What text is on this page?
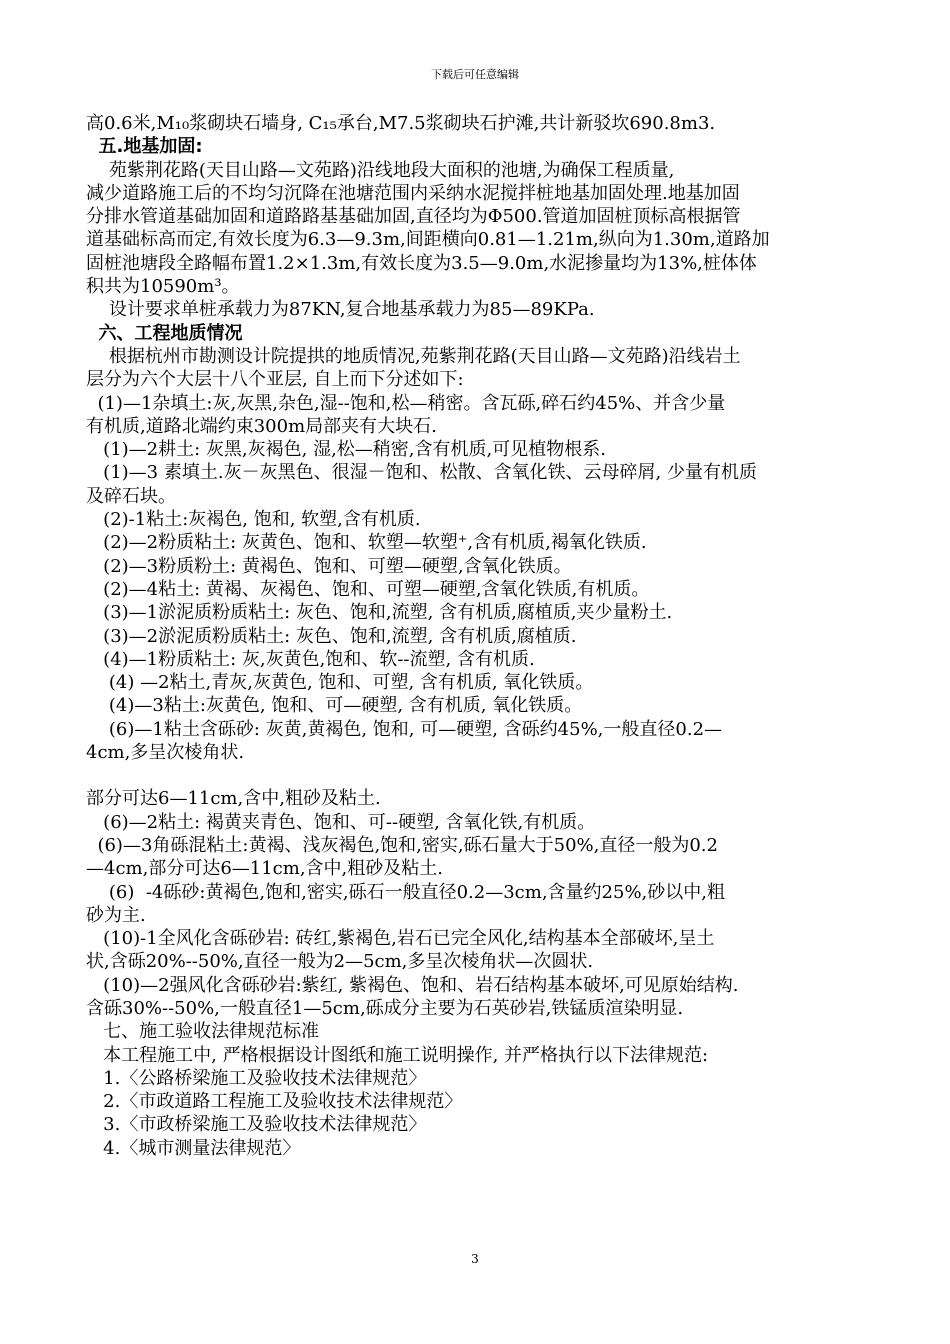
下载后可任意编辑

高0.6米,M₁₀浆砌块石墙身, C₁₅承台,M7.5浆砌块石护滩,共计新驳坎690.8m3.

五.地基加固:

苑紫荆花路(天目山路—文苑路)沿线地段大面积的池塘,为确保工程质量,

减少道路施工后的不均匀沉降在池塘范围内采纳水泥搅拌桩地基加固处理.地基加固

分排水管道基础加固和道路路基基础加固,直径均为Φ500.管道加固桩顶标高根据管

道基础标高而定,有效长度为6.3—9.3m,间距横向0.81—1.21m,纵向为1.30m,道路加

固桩池塘段全路幅布置1.2×1.3m,有效长度为3.5—9.0m,水泥掺量均为13%,桩体体

积共为10590m³。

设计要求单桩承载力为87KN,复合地基承载力为85—89KPa.

六、工程地质情况

根据杭州市勘测设计院提拱的地质情况,苑紫荆花路(天目山路—文苑路)沿线岩土

层分为六个大层十八个亚层, 自上而下分述如下:

(1)—1杂填土:灰,灰黑,杂色,湿--饱和,松—稍密。含瓦砾,碎石约45%、并含少量

有机质,道路北端约束300m局部夹有大块石.

(1)—2耕土: 灰黑,灰褐色, 湿,松—稍密,含有机质,可见植物根系.

(1)—3 素填土.灰－灰黑色、很湿－饱和、松散、含氧化铁、云母碎屑, 少量有机质

及碎石块。

(2)-1粘土:灰褐色, 饱和, 软塑,含有机质.

(2)—2粉质粘土: 灰黄色、饱和、软塑—软塑⁺,含有机质,褐氧化铁质.

(2)—3粉质粉土: 黄褐色、饱和、可塑—硬塑,含氧化铁质。

(2)—4粘土: 黄褐、灰褐色、饱和、可塑—硬塑,含氧化铁质,有机质。

(3)—1淤泥质粉质粘土: 灰色、饱和,流塑, 含有机质,腐植质,夹少量粉土.

(3)—2淤泥质粉质粘土: 灰色、饱和,流塑, 含有机质,腐植质.

(4)—1粉质粘土: 灰,灰黄色,饱和、软--流塑, 含有机质.

(4) —2粘土,青灰,灰黄色, 饱和、可塑, 含有机质, 氧化铁质。

(4)—3粘土:灰黄色, 饱和、可—硬塑, 含有机质, 氧化铁质。

(6)—1粘土含砾砂: 灰黄,黄褐色, 饱和, 可—硬塑, 含砾约45%,一般直径0.2—

4cm,多呈次棱角状.

部分可达6—11cm,含中,粗砂及粘土.

(6)—2粘土: 褐黄夹青色、饱和、可--硬塑, 含氧化铁,有机质。

(6)—3角砾混粘土:黄褐、浅灰褐色,饱和,密实,砾石量大于50%,直径一般为0.2

—4cm,部分可达6—11cm,含中,粗砂及粘土.

(6)  -4砾砂:黄褐色,饱和,密实,砾石一般直径0.2—3cm,含量约25%,砂以中,粗

砂为主.

(10)-1全风化含砾砂岩: 砖红,紫褐色,岩石已完全风化,结构基本全部破坏,呈土

状,含砾20%--50%,直径一般为2—5cm,多呈次棱角状—次圆状.

(10)—2强风化含砾砂岩:紫红, 紫褐色、饱和、岩石结构基本破坏,可见原始结构.

含砾30%--50%,一般直径1—5cm,砾成分主要为石英砂岩,铁锰质渲染明显.

七、施工验收法律规范标准

本工程施工中, 严格根据设计图纸和施工说明操作, 并严格执行以下法律规范:

1.〈公路桥梁施工及验收技术法律规范〉

2.〈市政道路工程施工及验收技术法律规范〉

3.〈市政桥梁施工及验收技术法律规范〉

4.〈城市测量法律规范〉

3
